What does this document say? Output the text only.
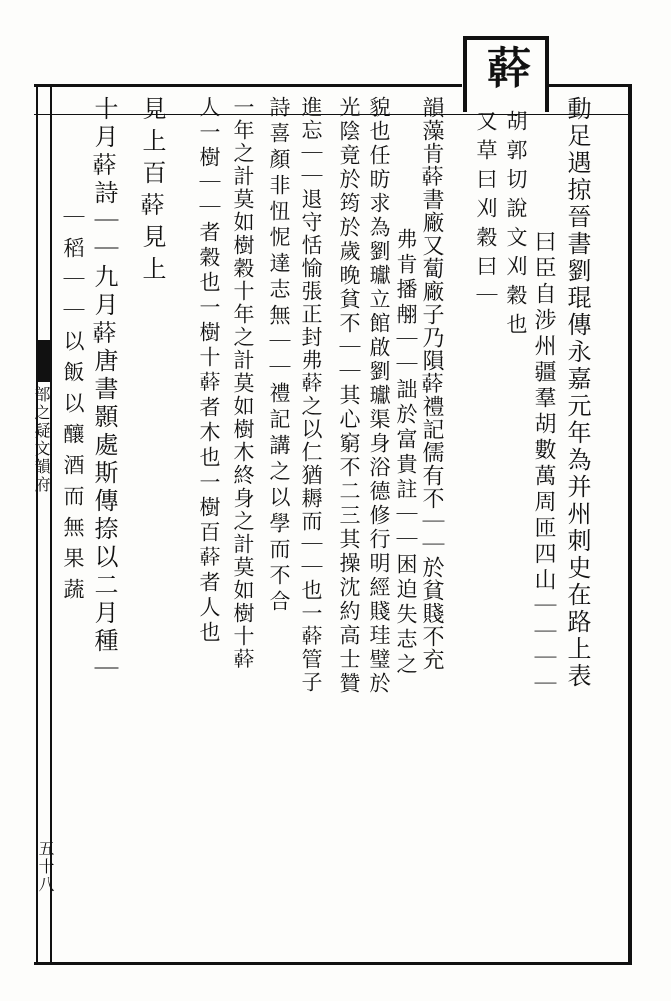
𦼮
動足遇掠晉書劉琨傳永嘉元年為并州刺史在路上表
曰臣自涉州疆羣胡數萬周匝四山｜｜｜｜
胡郭切說文刈穀也
又草曰刈穀曰｜
韻藻肯𦼮書廠又蔔廠子乃隕𦼮禮記儒有不｜｜於貧賤不充
弗肯播䎃｜｜詘於富貴註｜｜困迫失志之
貌也任昉求為劉瓛立館啟劉瓛渠身浴德修行明經賤珪璧於
光陰竟於筠於歲晚貧不｜｜其心窮不二三其操沈約高士贊
進忘｜｜退守恬愉張正封弗𦼮之以仁猶耨而｜｜也一𦼮管子
詩喜顏非忸怩達志無｜｜禮記講之以學而不合
一年之計莫如樹穀十年之計莫如樹木終身之計莫如樹十𦼮
人一樹｜｜者穀也一樹十𦼮者木也一樹百𦼮者人也
見上百𦼮見上
十月𦼮詩｜｜九月𦼮唐書顥處斯傳捺以二月種｜
｜稻｜｜以飯以釀酒而無果蔬
部之疑文韻府
五十八
